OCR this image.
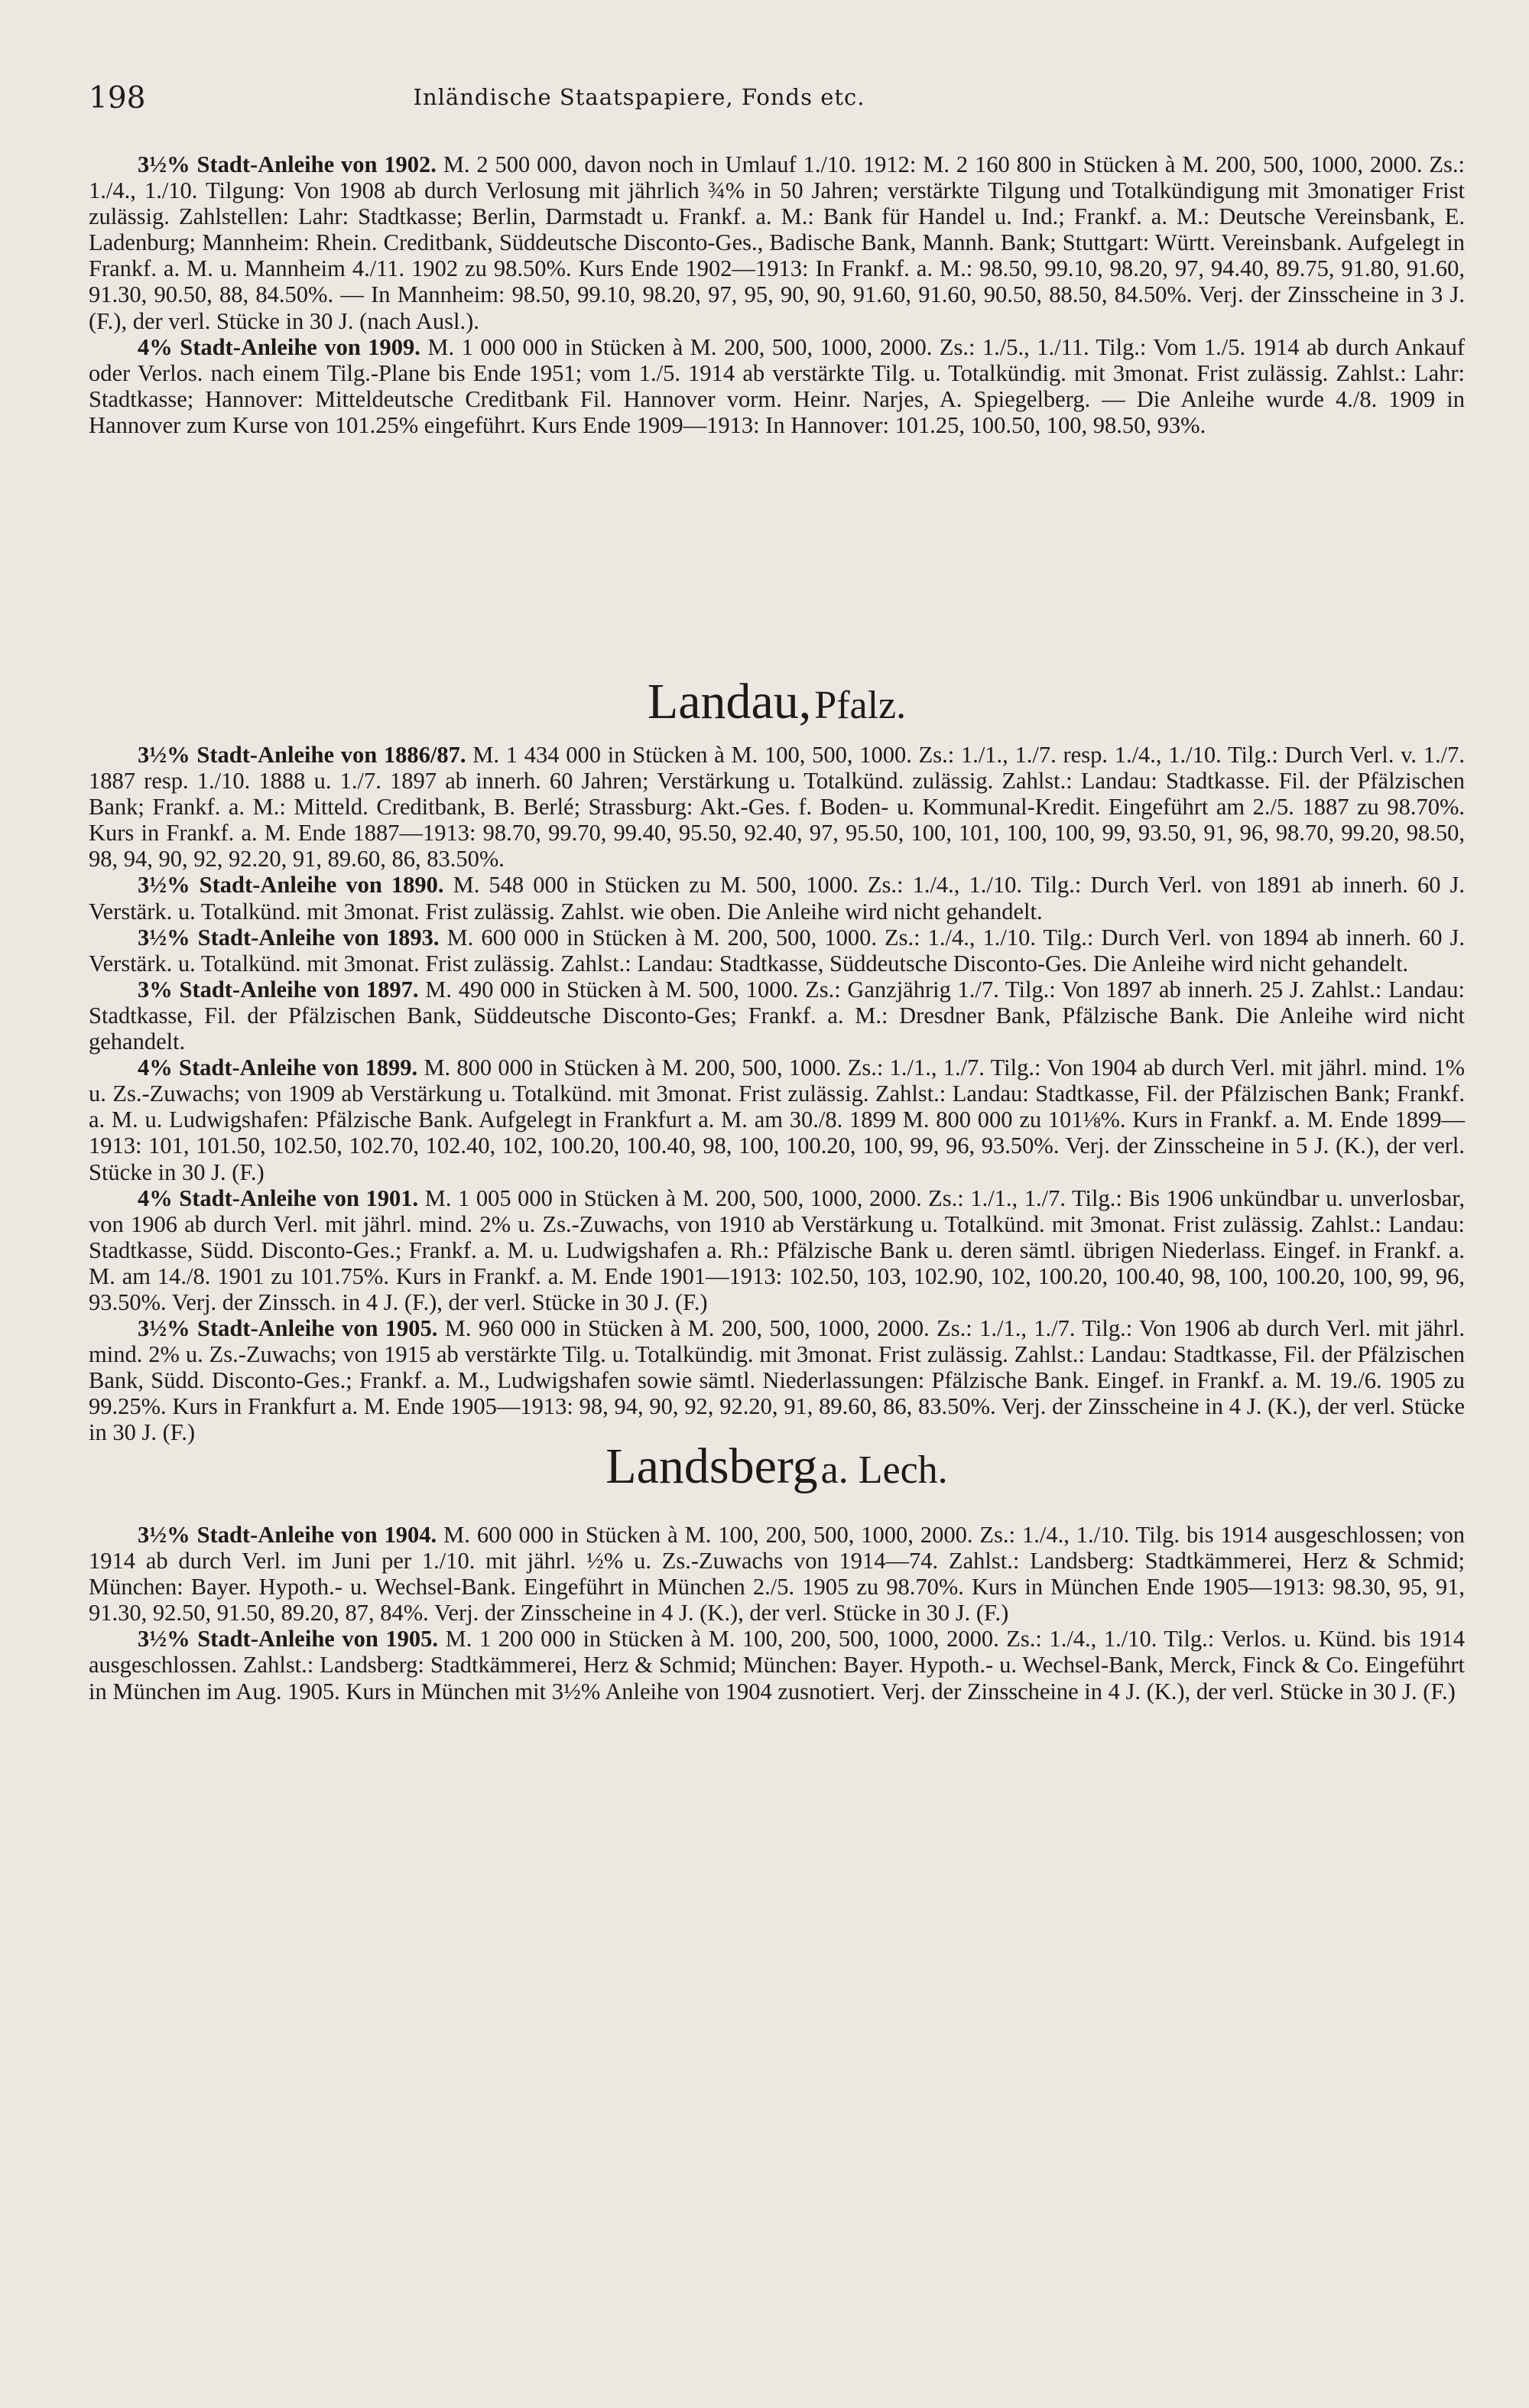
198	Inländische Staatspapiere, Fonds etc.

3½% Stadt-Anleihe von 1902. M. 2 500 000, davon noch in Umlauf 1./10. 1912: M. 2 160 800 in Stücken à M. 200, 500, 1000, 2000. Zs.: 1./4., 1./10. Tilgung: Von 1908 ab durch Verlosung mit jährlich ¾% in 50 Jahren; verstärkte Tilgung und Totalkündigung mit 3monatiger Frist zulässig. Zahlstellen: Lahr: Stadtkasse; Berlin, Darmstadt u. Frankf. a. M.: Bank für Handel u. Ind.; Frankf. a. M.: Deutsche Vereinsbank, E. Ladenburg; Mannheim: Rhein. Creditbank, Süddeutsche Disconto-Ges., Badische Bank, Mannh. Bank; Stuttgart: Württ. Vereinsbank. Aufgelegt in Frankf. a. M. u. Mannheim 4./11. 1902 zu 98.50%. Kurs Ende 1902—1913: In Frankf. a. M.: 98.50, 99.10, 98.20, 97, 94.40, 89.75, 91.80, 91.60, 91.30, 90.50, 88, 84.50%. — In Mannheim: 98.50, 99.10, 98.20, 97, 95, 90, 90, 91.60, 91.60, 90.50, 88.50, 84.50%. Verj. der Zinsscheine in 3 J. (F.), der verl. Stücke in 30 J. (nach Ausl.).

4% Stadt-Anleihe von 1909. M. 1 000 000 in Stücken à M. 200, 500, 1000, 2000. Zs.: 1./5., 1./11. Tilg.: Vom 1./5. 1914 ab durch Ankauf oder Verlos. nach einem Tilg.-Plane bis Ende 1951; vom 1./5. 1914 ab verstärkte Tilg. u. Totalkündig. mit 3monat. Frist zulässig. Zahlst.: Lahr: Stadtkasse; Hannover: Mitteldeutsche Creditbank Fil. Hannover vorm. Heinr. Narjes, A. Spiegelberg. — Die Anleihe wurde 4./8. 1909 in Hannover zum Kurse von 101.25% eingeführt. Kurs Ende 1909—1913: In Hannover: 101.25, 100.50, 100, 98.50, 93%.

Landau, Pfalz.

3½% Stadt-Anleihe von 1886/87. M. 1 434 000 in Stücken à M. 100, 500, 1000. Zs.: 1./1., 1./7. resp. 1./4., 1./10. Tilg.: Durch Verl. v. 1./7. 1887 resp. 1./10. 1888 u. 1./7. 1897 ab innerh. 60 Jahren; Verstärkung u. Totalkünd. zulässig. Zahlst.: Landau: Stadtkasse. Fil. der Pfälzischen Bank; Frankf. a. M.: Mitteld. Creditbank, B. Berlé; Strassburg: Akt.-Ges. f. Boden- u. Kommunal-Kredit. Eingeführt am 2./5. 1887 zu 98.70%. Kurs in Frankf. a. M. Ende 1887—1913: 98.70, 99.70, 99.40, 95.50, 92.40, 97, 95.50, 100, 101, 100, 100, 99, 93.50, 91, 96, 98.70, 99.20, 98.50, 98, 94, 90, 92, 92.20, 91, 89.60, 86, 83.50%.

3½% Stadt-Anleihe von 1890. M. 548 000 in Stücken zu M. 500, 1000. Zs.: 1./4., 1./10. Tilg.: Durch Verl. von 1891 ab innerh. 60 J. Verstärk. u. Totalkünd. mit 3monat. Frist zulässig. Zahlst. wie oben. Die Anleihe wird nicht gehandelt.

3½% Stadt-Anleihe von 1893. M. 600 000 in Stücken à M. 200, 500, 1000. Zs.: 1./4., 1./10. Tilg.: Durch Verl. von 1894 ab innerh. 60 J. Verstärk. u. Totalkünd. mit 3monat. Frist zulässig. Zahlst.: Landau: Stadtkasse, Süddeutsche Disconto-Ges. Die Anleihe wird nicht gehandelt.

3% Stadt-Anleihe von 1897. M. 490 000 in Stücken à M. 500, 1000. Zs.: Ganzjährig 1./7. Tilg.: Von 1897 ab innerh. 25 J. Zahlst.: Landau: Stadtkasse, Fil. der Pfälzischen Bank, Süddeutsche Disconto-Ges; Frankf. a. M.: Dresdner Bank, Pfälzische Bank. Die Anleihe wird nicht gehandelt.

4% Stadt-Anleihe von 1899. M. 800 000 in Stücken à M. 200, 500, 1000. Zs.: 1./1., 1./7. Tilg.: Von 1904 ab durch Verl. mit jährl. mind. 1% u. Zs.-Zuwachs; von 1909 ab Verstärkung u. Totalkünd. mit 3monat. Frist zulässig. Zahlst.: Landau: Stadtkasse, Fil. der Pfälzischen Bank; Frankf. a. M. u. Ludwigshafen: Pfälzische Bank. Aufgelegt in Frankfurt a. M. am 30./8. 1899 M. 800 000 zu 101⅛%. Kurs in Frankf. a. M. Ende 1899—1913: 101, 101.50, 102.50, 102.70, 102.40, 102, 100.20, 100.40, 98, 100, 100.20, 100, 99, 96, 93.50%. Verj. der Zinsscheine in 5 J. (K.), der verl. Stücke in 30 J. (F.)

4% Stadt-Anleihe von 1901. M. 1 005 000 in Stücken à M. 200, 500, 1000, 2000. Zs.: 1./1., 1./7. Tilg.: Bis 1906 unkündbar u. unverlosbar, von 1906 ab durch Verl. mit jährl. mind. 2% u. Zs.-Zuwachs, von 1910 ab Verstärkung u. Totalkünd. mit 3monat. Frist zulässig. Zahlst.: Landau: Stadtkasse, Südd. Disconto-Ges.; Frankf. a. M. u. Ludwigshafen a. Rh.: Pfälzische Bank u. deren sämtl. übrigen Niederlass. Eingef. in Frankf. a. M. am 14./8. 1901 zu 101.75%. Kurs in Frankf. a. M. Ende 1901—1913: 102.50, 103, 102.90, 102, 100.20, 100.40, 98, 100, 100.20, 100, 99, 96, 93.50%. Verj. der Zinssch. in 4 J. (F.), der verl. Stücke in 30 J. (F.)

3½% Stadt-Anleihe von 1905. M. 960 000 in Stücken à M. 200, 500, 1000, 2000. Zs.: 1./1., 1./7. Tilg.: Von 1906 ab durch Verl. mit jährl. mind. 2% u. Zs.-Zuwachs; von 1915 ab verstärkte Tilg. u. Totalkündig. mit 3monat. Frist zulässig. Zahlst.: Landau: Stadtkasse, Fil. der Pfälzischen Bank, Südd. Disconto-Ges.; Frankf. a. M., Ludwigshafen sowie sämtl. Niederlassungen: Pfälzische Bank. Eingef. in Frankf. a. M. 19./6. 1905 zu 99.25%. Kurs in Frankfurt a. M. Ende 1905—1913: 98, 94, 90, 92, 92.20, 91, 89.60, 86, 83.50%. Verj. der Zinsscheine in 4 J. (K.), der verl. Stücke in 30 J. (F.)

Landsberg a. Lech.

3½% Stadt-Anleihe von 1904. M. 600 000 in Stücken à M. 100, 200, 500, 1000, 2000. Zs.: 1./4., 1./10. Tilg. bis 1914 ausgeschlossen; von 1914 ab durch Verl. im Juni per 1./10. mit jährl. ½% u. Zs.-Zuwachs von 1914—74. Zahlst.: Landsberg: Stadtkämmerei, Herz & Schmid; München: Bayer. Hypoth.- u. Wechsel-Bank. Eingeführt in München 2./5. 1905 zu 98.70%. Kurs in München Ende 1905—1913: 98.30, 95, 91, 91.30, 92.50, 91.50, 89.20, 87, 84%. Verj. der Zinsscheine in 4 J. (K.), der verl. Stücke in 30 J. (F.)

3½% Stadt-Anleihe von 1905. M. 1 200 000 in Stücken à M. 100, 200, 500, 1000, 2000. Zs.: 1./4., 1./10. Tilg.: Verlos. u. Künd. bis 1914 ausgeschlossen. Zahlst.: Landsberg: Stadtkämmerei, Herz & Schmid; München: Bayer. Hypoth.- u. Wechsel-Bank, Merck, Finck & Co. Eingeführt in München im Aug. 1905. Kurs in München mit 3½% Anleihe von 1904 zusnotiert. Verj. der Zinsscheine in 4 J. (K.), der verl. Stücke in 30 J. (F.)
